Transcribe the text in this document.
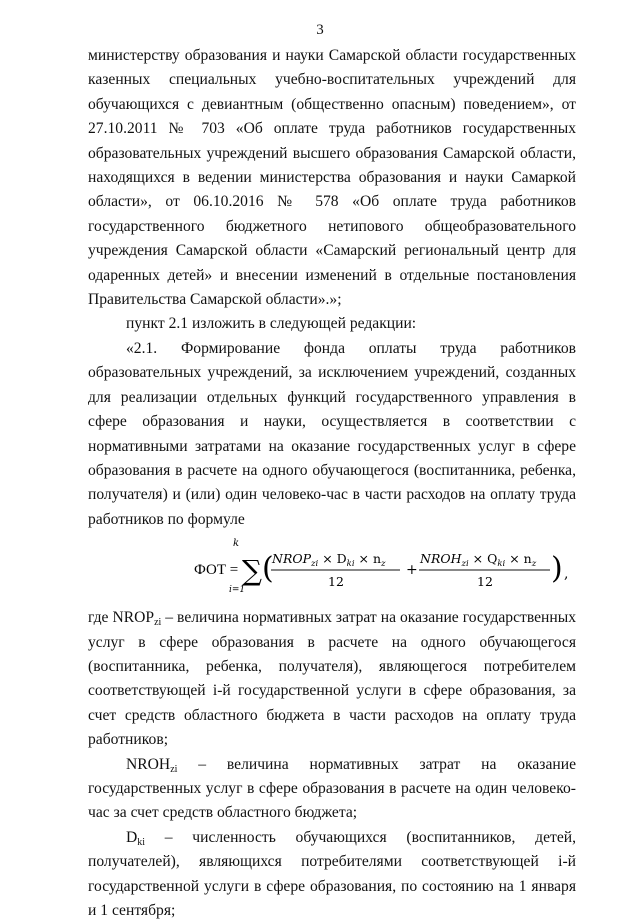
3

министерству образования и науки Самарской области государственных казенных специальных учебно-воспитательных учреждений для обучающихся с девиантным (общественно опасным) поведением», от 27.10.2011 № 703 «Об оплате труда работников государственных образовательных учреждений высшего образования Самарской области, находящихся в ведении министерства образования и науки Самаркой области», от 06.10.2016 № 578 «Об оплате труда работников государственного бюджетного нетипового общеобразовательного учреждения Самарской области «Самарский региональный центр для одаренных детей» и внесении изменений в отдельные постановления Правительства Самарской области».»;

пункт 2.1 изложить в следующей редакции:

«2.1. Формирование фонда оплаты труда работников образовательных учреждений, за исключением учреждений, созданных для реализации отдельных функций государственного управления в сфере образования и науки, осуществляется в соответствии с нормативными затратами на оказание государственных услуг в сфере образования в расчете на одного обучающегося (воспитанника, ребенка, получателя) и (или) один человеко-час в части расходов на оплату труда работников по формуле

ФОТ =
k
∑
i=1
(
$NROP_{zi} \times D_{ki} \times n_z$
12
+
$NROH_{zi} \times Q_{ki} \times n_z$
12 ) ,

где $NROP_{zi}$ – величина нормативных затрат на оказание государственных услуг в сфере образования в расчете на одного обучающегося (воспитанника, ребенка, получателя), являющегося потребителем соответствующей i-й государственной услуги в сфере образования, за счет средств областного бюджета в части расходов на оплату труда работников;

$NROH_{zi}$ – величина нормативных затрат на оказание государственных услуг в сфере образования в расчете на один человеко-час за счет средств областного бюджета;

$D_{ki}$ – численность обучающихся (воспитанников, детей, получателей), являющихся потребителями соответствующей i-й государственной услуги в сфере образования, по состоянию на 1 января и 1 сентября;
